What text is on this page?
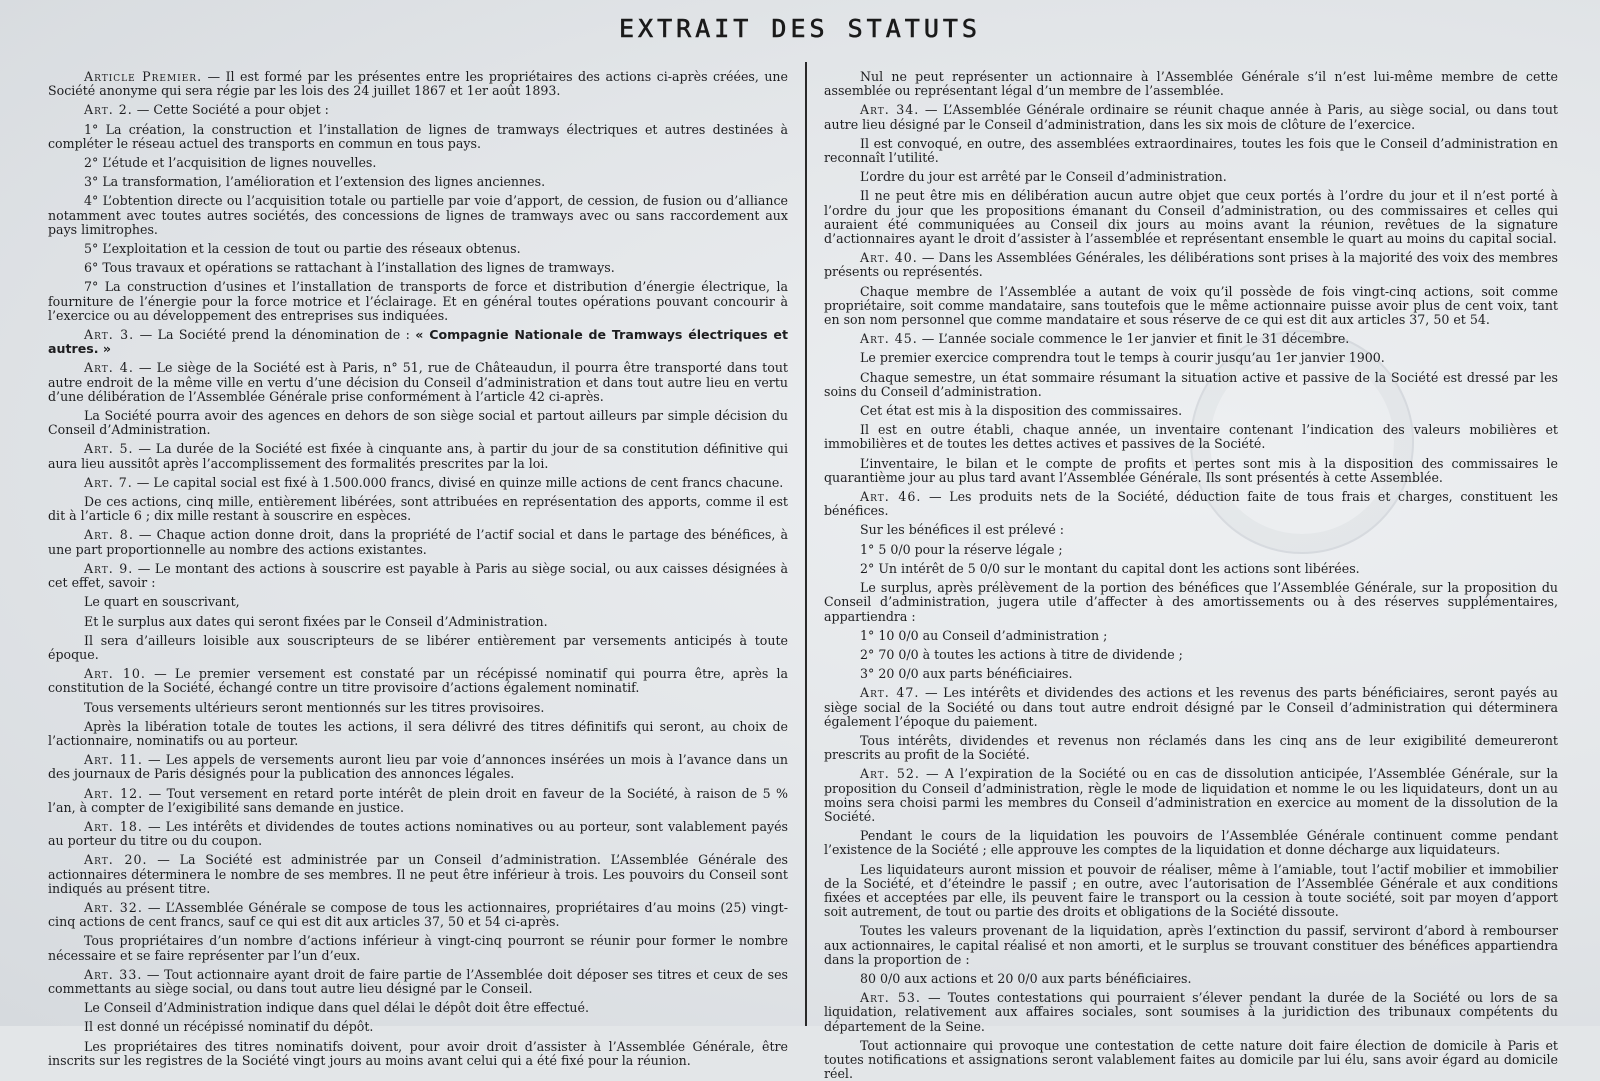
EXTRAIT DES STATUTS

Article Premier. — Il est formé par les présentes entre les propriétaires des actions ci-après créées, une Société anonyme qui sera régie par les lois des 24 juillet 1867 et 1er août 1893.

Art. 2. — Cette Société a pour objet :

1° La création, la construction et l’installation de lignes de tramways électriques et autres destinées à compléter le réseau actuel des transports en commun en tous pays.

2° L’étude et l’acquisition de lignes nouvelles.

3° La transformation, l’amélioration et l’extension des lignes anciennes.

4° L’obtention directe ou l’acquisition totale ou partielle par voie d’apport, de cession, de fusion ou d’alliance notamment avec toutes autres sociétés, des concessions de lignes de tramways avec ou sans raccordement aux pays limitrophes.

5° L’exploitation et la cession de tout ou partie des réseaux obtenus.

6° Tous travaux et opérations se rattachant à l’installation des lignes de tramways.

7° La construction d’usines et l’installation de transports de force et distribution d’énergie électrique, la fourniture de l’énergie pour la force motrice et l’éclairage. Et en général toutes opérations pouvant concourir à l’exercice ou au développement des entreprises sus indiquées.

Art. 3. — La Société prend la dénomination de : « Compagnie Nationale de Tramways électriques et autres. »

Art. 4. — Le siège de la Société est à Paris, n° 51, rue de Châteaudun, il pourra être transporté dans tout autre endroit de la même ville en vertu d’une décision du Conseil d’administration et dans tout autre lieu en vertu d’une délibération de l’Assemblée Générale prise conformément à l’article 42 ci-après.

La Société pourra avoir des agences en dehors de son siège social et partout ailleurs par simple décision du Conseil d’Administration.

Art. 5. — La durée de la Société est fixée à cinquante ans, à partir du jour de sa constitution définitive qui aura lieu aussitôt après l’accomplissement des formalités prescrites par la loi.

Art. 7. — Le capital social est fixé à 1.500.000 francs, divisé en quinze mille actions de cent francs chacune.

De ces actions, cinq mille, entièrement libérées, sont attribuées en représentation des apports, comme il est dit à l’article 6 ; dix mille restant à souscrire en espèces.

Art. 8. — Chaque action donne droit, dans la propriété de l’actif social et dans le partage des bénéfices, à une part proportionnelle au nombre des actions existantes.

Art. 9. — Le montant des actions à souscrire est payable à Paris au siège social, ou aux caisses désignées à cet effet, savoir :

Le quart en souscrivant,

Et le surplus aux dates qui seront fixées par le Conseil d’Administration.

Il sera d’ailleurs loisible aux souscripteurs de se libérer entièrement par versements anticipés à toute époque.

Art. 10. — Le premier versement est constaté par un récépissé nominatif qui pourra être, après la constitution de la Société, échangé contre un titre provisoire d’actions également nominatif.

Tous versements ultérieurs seront mentionnés sur les titres provisoires.

Après la libération totale de toutes les actions, il sera délivré des titres définitifs qui seront, au choix de l’actionnaire, nominatifs ou au porteur.

Art. 11. — Les appels de versements auront lieu par voie d’annonces insérées un mois à l’avance dans un des journaux de Paris désignés pour la publication des annonces légales.

Art. 12. — Tout versement en retard porte intérêt de plein droit en faveur de la Société, à raison de 5 % l’an, à compter de l’exigibilité sans demande en justice.

Art. 18. — Les intérêts et dividendes de toutes actions nominatives ou au porteur, sont valablement payés au porteur du titre ou du coupon.

Art. 20. — La Société est administrée par un Conseil d’administration. L’Assemblée Générale des actionnaires déterminera le nombre de ses membres. Il ne peut être inférieur à trois. Les pouvoirs du Conseil sont indiqués au présent titre.

Art. 32. — L’Assemblée Générale se compose de tous les actionnaires, propriétaires d’au moins (25) vingt-cinq actions de cent francs, sauf ce qui est dit aux articles 37, 50 et 54 ci-après.

Tous propriétaires d’un nombre d’actions inférieur à vingt-cinq pourront se réunir pour former le nombre nécessaire et se faire représenter par l’un d’eux.

Art. 33. — Tout actionnaire ayant droit de faire partie de l’Assemblée doit déposer ses titres et ceux de ses commettants au siège social, ou dans tout autre lieu désigné par le Conseil.

Le Conseil d’Administration indique dans quel délai le dépôt doit être effectué.

Il est donné un récépissé nominatif du dépôt.

Les propriétaires des titres nominatifs doivent, pour avoir droit d’assister à l’Assemblée Générale, être inscrits sur les registres de la Société vingt jours au moins avant celui qui a été fixé pour la réunion.

Nul ne peut représenter un actionnaire à l’Assemblée Générale s’il n’est lui-même membre de cette assemblée ou représentant légal d’un membre de l’assemblée.

Art. 34. — L’Assemblée Générale ordinaire se réunit chaque année à Paris, au siège social, ou dans tout autre lieu désigné par le Conseil d’administration, dans les six mois de clôture de l’exercice.

Il est convoqué, en outre, des assemblées extraordinaires, toutes les fois que le Conseil d’administration en reconnaît l’utilité.

L’ordre du jour est arrêté par le Conseil d’administration.

Il ne peut être mis en délibération aucun autre objet que ceux portés à l’ordre du jour et il n’est porté à l’ordre du jour que les propositions émanant du Conseil d’administration, ou des commissaires et celles qui auraient été communiquées au Conseil dix jours au moins avant la réunion, revêtues de la signature d’actionnaires ayant le droit d’assister à l’assemblée et représentant ensemble le quart au moins du capital social.

Art. 40. — Dans les Assemblées Générales, les délibérations sont prises à la majorité des voix des membres présents ou représentés.

Chaque membre de l’Assemblée a autant de voix qu’il possède de fois vingt-cinq actions, soit comme propriétaire, soit comme mandataire, sans toutefois que le même actionnaire puisse avoir plus de cent voix, tant en son nom personnel que comme mandataire et sous réserve de ce qui est dit aux articles 37, 50 et 54.

Art. 45. — L’année sociale commence le 1er janvier et finit le 31 décembre.

Le premier exercice comprendra tout le temps à courir jusqu’au 1er janvier 1900.

Chaque semestre, un état sommaire résumant la situation active et passive de la Société est dressé par les soins du Conseil d’administration.

Cet état est mis à la disposition des commissaires.

Il est en outre établi, chaque année, un inventaire contenant l’indication des valeurs mobilières et immobilières et de toutes les dettes actives et passives de la Société.

L’inventaire, le bilan et le compte de profits et pertes sont mis à la disposition des commissaires le quarantième jour au plus tard avant l’Assemblée Générale. Ils sont présentés à cette Assemblée.

Art. 46. — Les produits nets de la Société, déduction faite de tous frais et charges, constituent les bénéfices.

Sur les bénéfices il est prélevé :

1° 5 0/0 pour la réserve légale ;

2° Un intérêt de 5 0/0 sur le montant du capital dont les actions sont libérées.

Le surplus, après prélèvement de la portion des bénéfices que l’Assemblée Générale, sur la proposition du Conseil d’administration, jugera utile d’affecter à des amortissements ou à des réserves supplémentaires, appartiendra :

1° 10 0/0 au Conseil d’administration ;

2° 70 0/0 à toutes les actions à titre de dividende ;

3° 20 0/0 aux parts bénéficiaires.

Art. 47. — Les intérêts et dividendes des actions et les revenus des parts bénéficiaires, seront payés au siège social de la Société ou dans tout autre endroit désigné par le Conseil d’administration qui déterminera également l’époque du paiement.

Tous intérêts, dividendes et revenus non réclamés dans les cinq ans de leur exigibilité demeureront prescrits au profit de la Société.

Art. 52. — A l’expiration de la Société ou en cas de dissolution anticipée, l’Assemblée Générale, sur la proposition du Conseil d’administration, règle le mode de liquidation et nomme le ou les liquidateurs, dont un au moins sera choisi parmi les membres du Conseil d’administration en exercice au moment de la dissolution de la Société.

Pendant le cours de la liquidation les pouvoirs de l’Assemblée Générale continuent comme pendant l’existence de la Société ; elle approuve les comptes de la liquidation et donne décharge aux liquidateurs.

Les liquidateurs auront mission et pouvoir de réaliser, même à l’amiable, tout l’actif mobilier et immobilier de la Société, et d’éteindre le passif ; en outre, avec l’autorisation de l’Assemblée Générale et aux conditions fixées et acceptées par elle, ils peuvent faire le transport ou la cession à toute société, soit par moyen d’apport soit autrement, de tout ou partie des droits et obligations de la Société dissoute.

Toutes les valeurs provenant de la liquidation, après l’extinction du passif, serviront d’abord à rembourser aux actionnaires, le capital réalisé et non amorti, et le surplus se trouvant constituer des bénéfices appartiendra dans la proportion de :

80 0/0 aux actions et 20 0/0 aux parts bénéficiaires.

Art. 53. — Toutes contestations qui pourraient s’élever pendant la durée de la Société ou lors de sa liquidation, relativement aux affaires sociales, sont soumises à la juridiction des tribunaux compétents du département de la Seine.

Tout actionnaire qui provoque une contestation de cette nature doit faire élection de domicile à Paris et toutes notifications et assignations seront valablement faites au domicile par lui élu, sans avoir égard au domicile réel.
